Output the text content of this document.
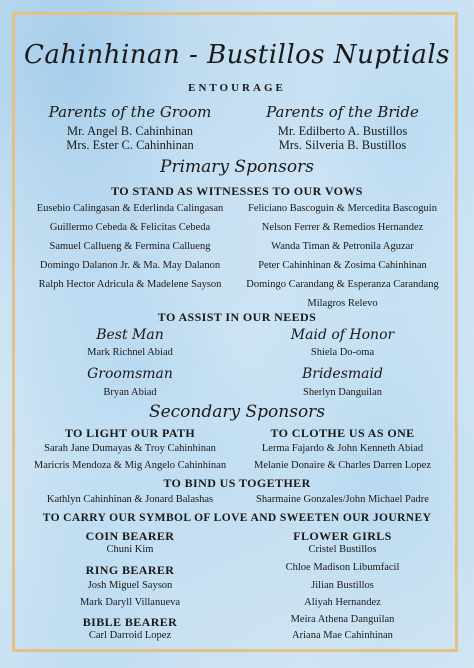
Cahinhinan - Bustillos Nuptials
ENTOURAGE
Parents of the Groom
Mr. Angel B. Cahinhinan
Mrs. Ester C. Cahinhinan
Parents of the Bride
Mr. Edilberto A. Bustillos
Mrs. Silveria B. Bustillos
Primary Sponsors
TO STAND AS WITNESSES TO OUR VOWS
Eusebio Calingasan & Ederlinda Calingasan
Guillermo Cebeda & Felicitas Cebeda
Samuel Callueng & Fermina Callueng
Domingo Dalanon Jr. & Ma. May Dalanon
Ralph Hector Adricula & Madelene Sayson
Feliciano Bascoguin & Mercedita Bascoguin
Nelson Ferrer & Remedios Hernandez
Wanda Timan & Petronila Aguzar
Peter Cahinhinan & Zosima Cahinhinan
Domingo Carandang & Esperanza Carandang
Milagros Relevo
TO ASSIST IN OUR NEEDS
Best Man
Mark Richnel Abiad
Maid of Honor
Shiela Do-oma
Groomsman
Bryan Abiad
Bridesmaid
Sherlyn Danguilan
Secondary Sponsors
TO LIGHT OUR PATH
Sarah Jane Dumayas & Troy Cahinhinan
Maricris Mendoza & Mig Angelo Cahinhinan
TO CLOTHE US AS ONE
Lerma Fajardo & John Kenneth Abiad
Melanie Donaire & Charles Darren Lopez
TO BIND US TOGETHER
Kathlyn Cahinhinan & Jonard Balashas	Sharmaine Gonzales/John Michael Padre
TO CARRY OUR SYMBOL OF LOVE AND SWEETEN OUR JOURNEY
COIN BEARER
Chuni Kim
RING BEARER
Josh Miguel Sayson
Mark Daryll Villanueva
BIBLE BEARER
Carl Darroid Lopez
FLOWER GIRLS
Cristel Bustillos
Chloe Madison Libumfacil
Jilian Bustillos
Aliyah Hernandez
Meira Athena Danguilan
Ariana Mae Cahinhinan
